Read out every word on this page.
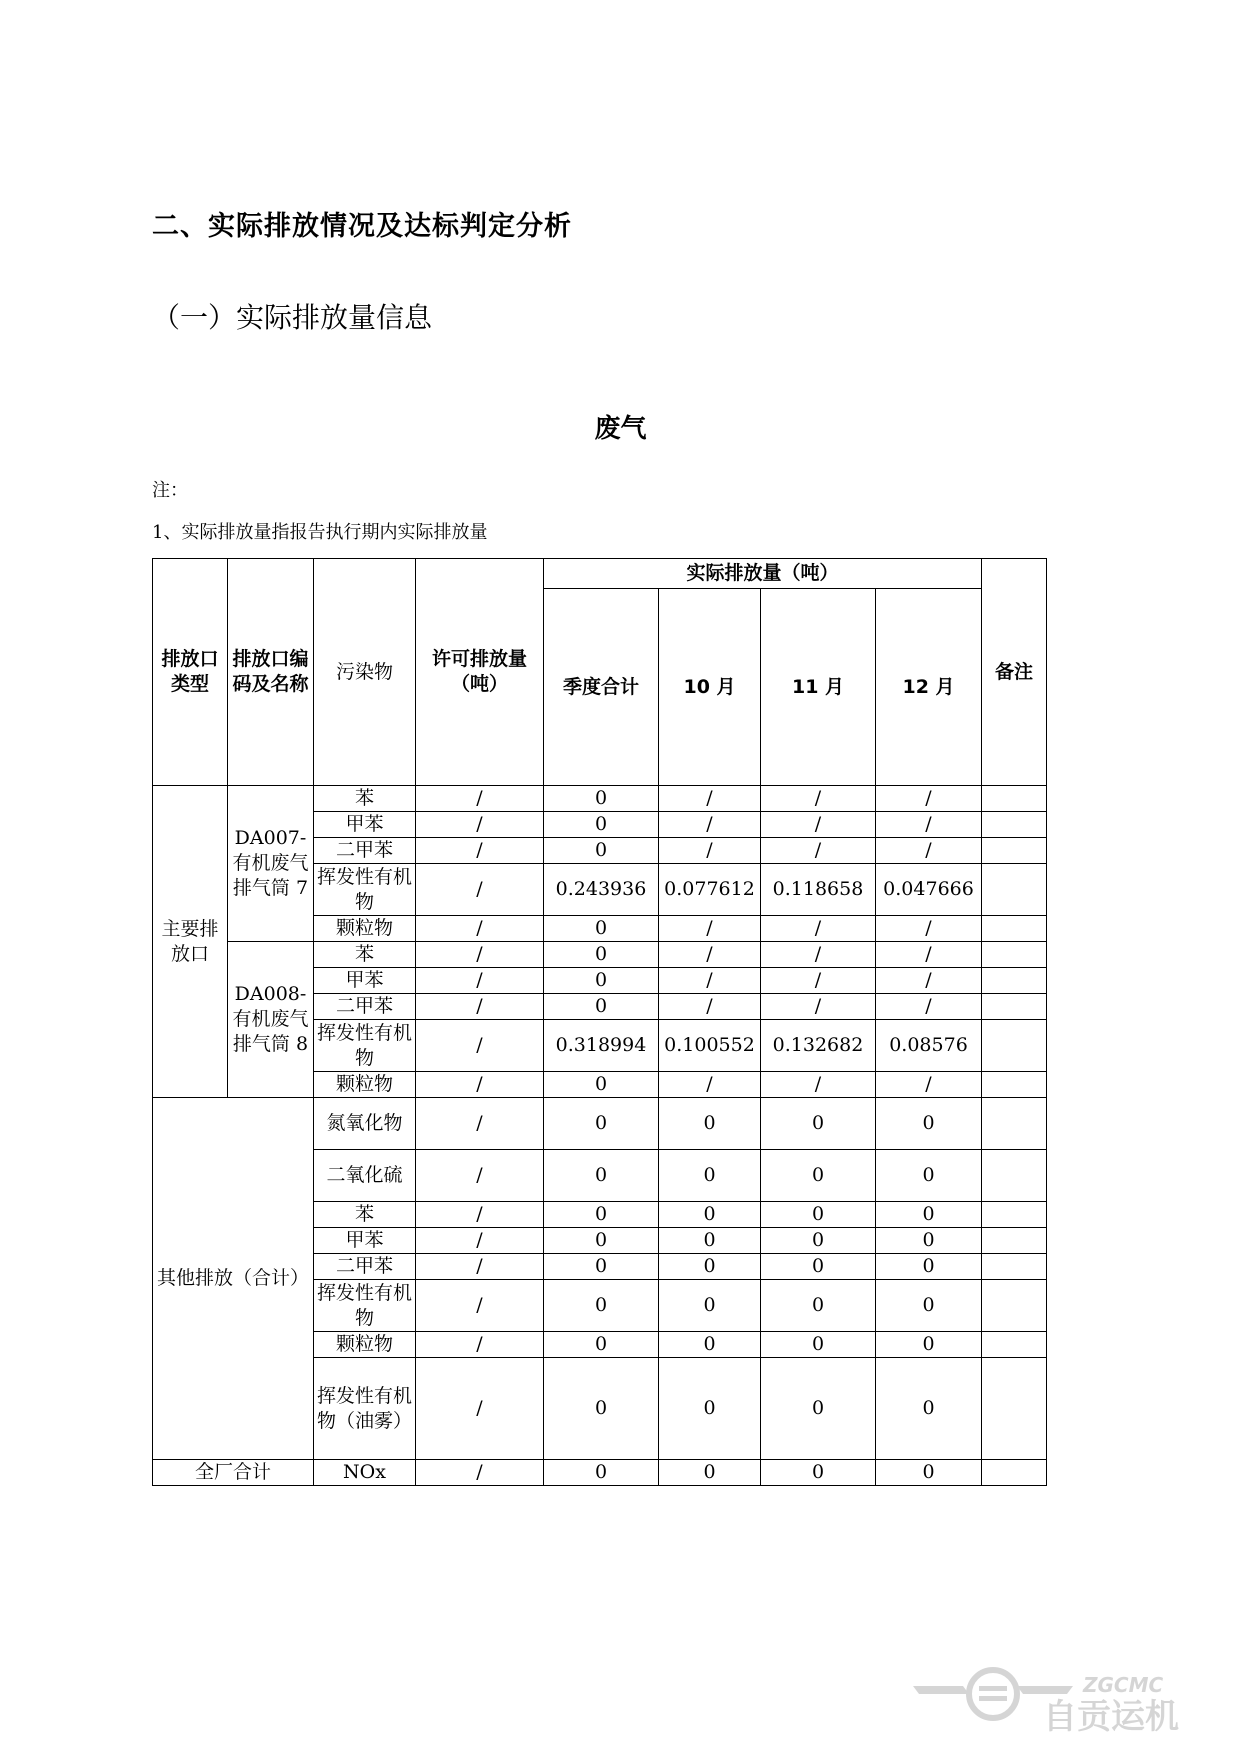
二、实际排放情况及达标判定分析
（一）实际排放量信息
废气
注：
1、实际排放量指报告执行期内实际排放量
排放口类型	排放口编码及名称	污染物	许可排放量（吨）	实际排放量（吨）				备注
				季度合计	10 月	11 月	12 月	
主要排放口	DA007-有机废气排气筒 7	苯	/	0	/	/	/	
		甲苯	/	0	/	/	/	
		二甲苯	/	0	/	/	/	
		挥发性有机物	/	0.243936	0.077612	0.118658	0.047666	
		颗粒物	/	0	/	/	/	
	DA008-有机废气排气筒 8	苯	/	0	/	/	/	
		甲苯	/	0	/	/	/	
		二甲苯	/	0	/	/	/	
		挥发性有机物	/	0.318994	0.100552	0.132682	0.08576	
		颗粒物	/	0	/	/	/	
其他排放（合计）		氮氧化物	/	0	0	0	0	
		二氧化硫	/	0	0	0	0	
		苯	/	0	0	0	0	
		甲苯	/	0	0	0	0	
		二甲苯	/	0	0	0	0	
		挥发性有机物	/	0	0	0	0	
		颗粒物	/	0	0	0	0	
		挥发性有机物（油雾）	/	0	0	0	0	
全厂合计		NOx	/	0	0	0	0	
ZGCMC
自贡运机
